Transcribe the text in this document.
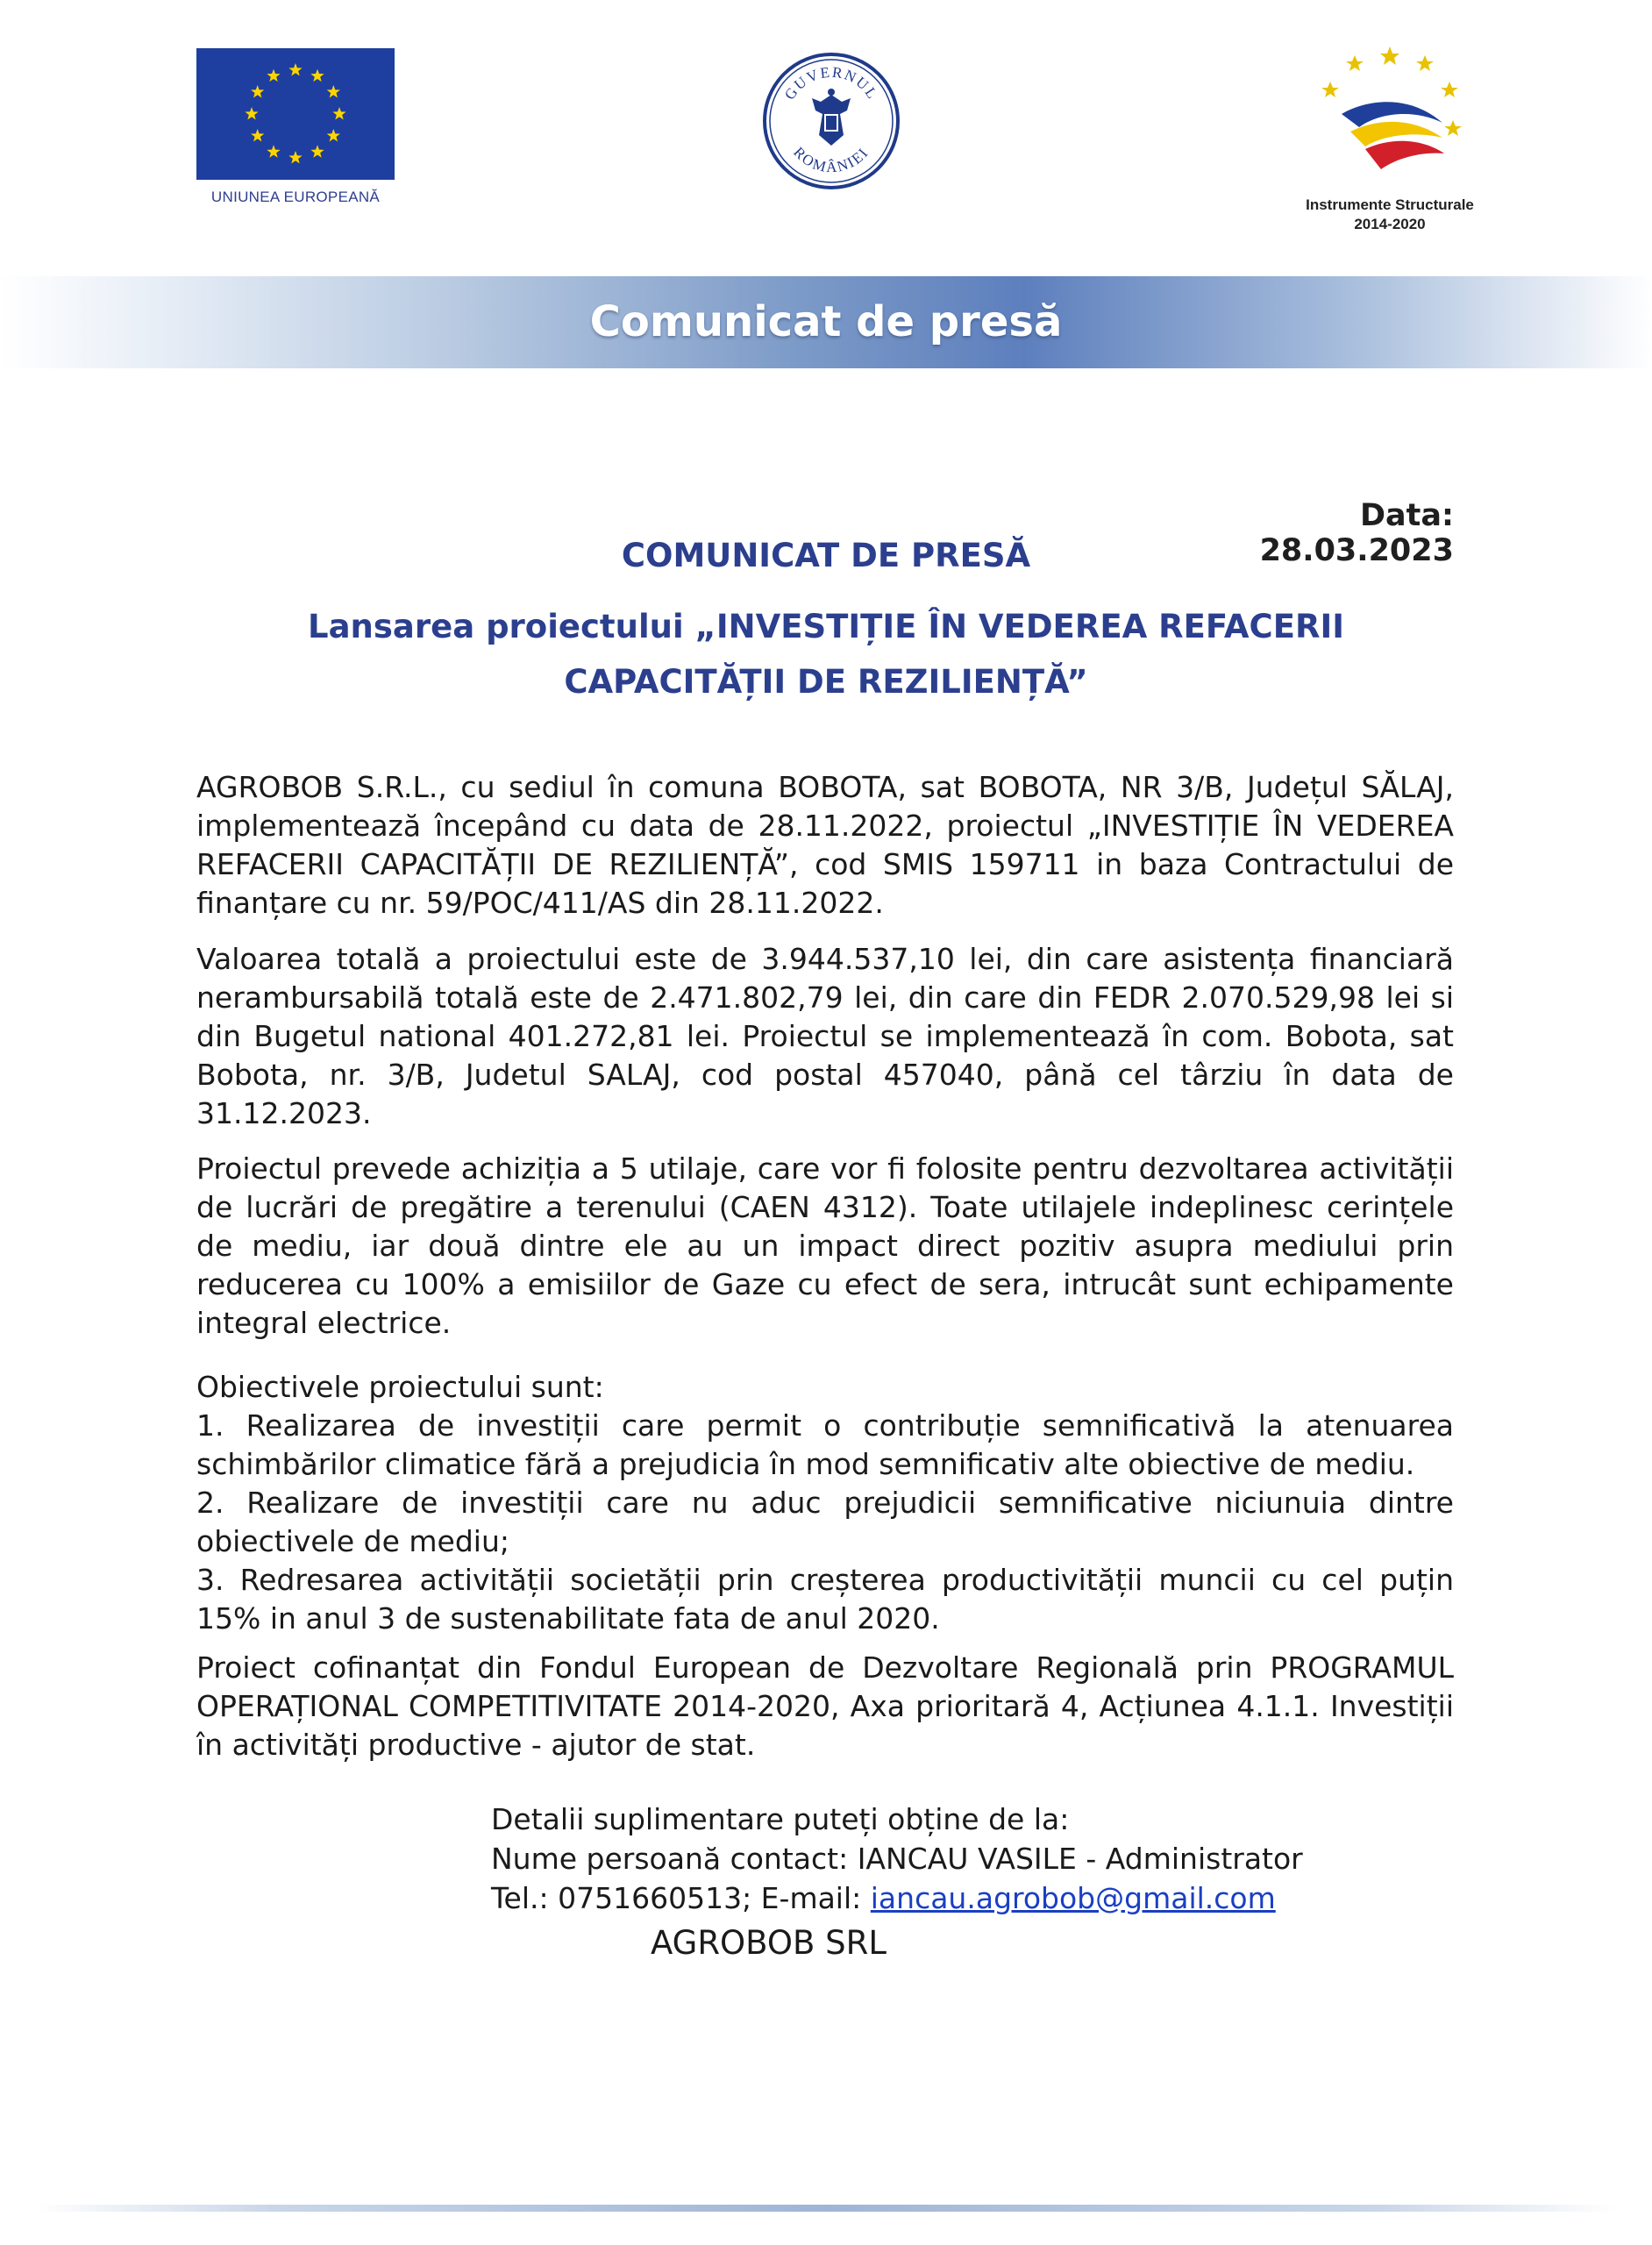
UNIUNEA EUROPEANĂ
GUVERNUL
ROMÂNIEI
Instrumente Structurale
2014-2020
Comunicat de presă
Data: 28.03.2023
COMUNICAT DE PRESĂ
Lansarea proiectului „INVESTIȚIE ÎN VEDEREA REFACERII
CAPACITĂȚII DE REZILIENȚĂ”

AGROBOB S.R.L., cu sediul în comuna BOBOTA, sat BOBOTA, NR 3/B, Județul SĂLAJ, implementează începând cu data de 28.11.2022, proiectul „INVESTIȚIE ÎN VEDEREA REFACERII CAPACITĂȚII DE REZILIENȚĂ”, cod SMIS 159711 in baza Contractului de finanțare cu nr. 59/POC/411/AS din 28.11.2022.

Valoarea totală a proiectului este de 3.944.537,10 lei, din care asistența financiară nerambursabilă totală este de 2.471.802,79 lei, din care din FEDR 2.070.529,98 lei si din Bugetul national 401.272,81 lei. Proiectul se implementează în com. Bobota, sat Bobota, nr. 3/B, Judetul SALAJ, cod postal 457040, până cel târziu în data de 31.12.2023.

Proiectul prevede achiziția a 5 utilaje, care vor fi folosite pentru dezvoltarea activității de lucrări de pregătire a terenului (CAEN 4312). Toate utilajele indeplinesc cerințele de mediu, iar două dintre ele au un impact direct pozitiv asupra mediului prin reducerea cu 100% a emisiilor de Gaze cu efect de sera, intrucât sunt echipamente integral electrice.

Obiectivele proiectului sunt:
1. Realizarea de investiții care permit o contribuție semnificativă la atenuarea schimbărilor climatice fără a prejudicia în mod semnificativ alte obiective de mediu.
2. Realizare de investiții care nu aduc prejudicii semnificative niciunuia dintre obiectivele de mediu;
3. Redresarea activității societății prin creșterea productivității muncii cu cel puțin 15% in anul 3 de sustenabilitate fata de anul 2020.

Proiect cofinanțat din Fondul European de Dezvoltare Regională prin PROGRAMUL OPERAȚIONAL COMPETITIVITATE 2014-2020, Axa prioritară 4, Acțiunea 4.1.1. Investiții în activități productive - ajutor de stat.

Detalii suplimentare puteți obține de la:
Nume persoană contact: IANCAU VASILE - Administrator
Tel.: 0751660513; E-mail: iancau.agrobob@gmail.com
AGROBOB SRL
